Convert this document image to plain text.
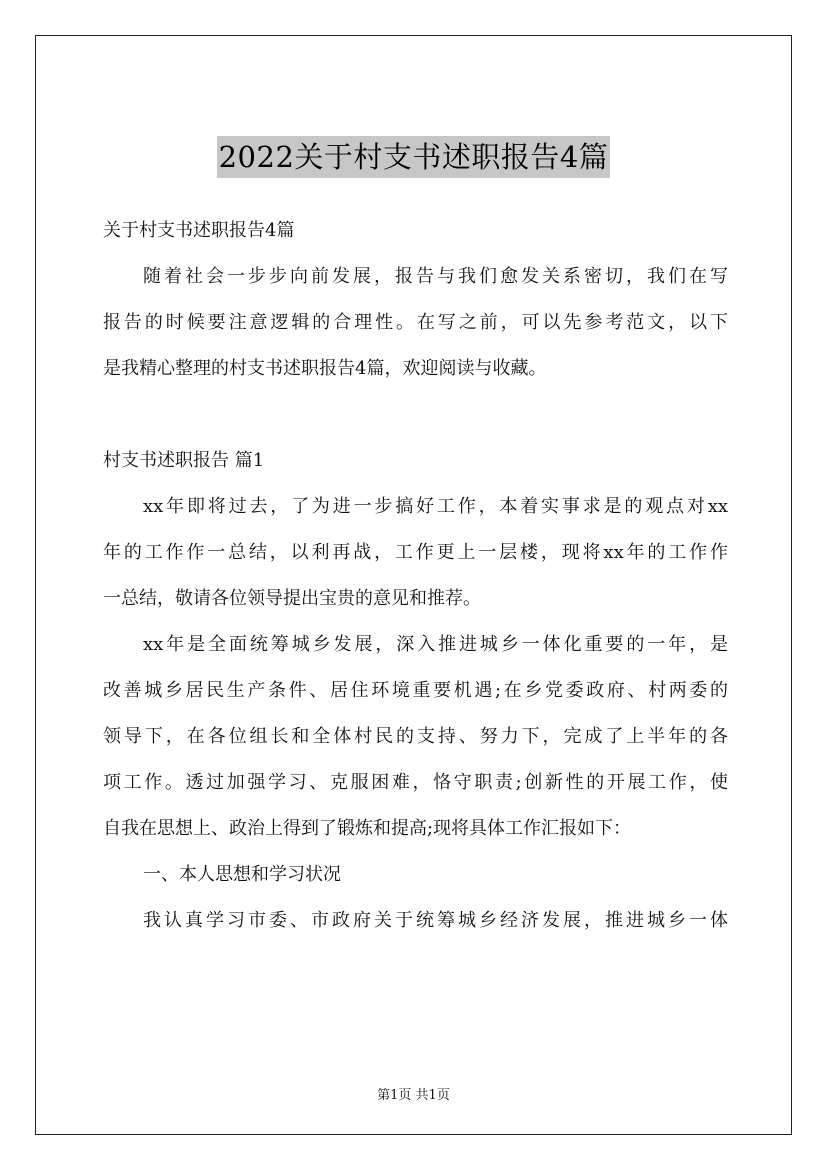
2022关于村支书述职报告4篇
关于村支书述职报告4篇
随着社会一步步向前发展，报告与我们愈发关系密切，我们在写
报告的时候要注意逻辑的合理性。在写之前，可以先参考范文，以下
是我精心整理的村支书述职报告4篇，欢迎阅读与收藏。
村支书述职报告 篇1
xx年即将过去，了为进一步搞好工作，本着实事求是的观点对xx
年的工作作一总结，以利再战，工作更上一层楼，现将xx年的工作作
一总结，敬请各位领导提出宝贵的意见和推荐。
xx年是全面统筹城乡发展，深入推进城乡一体化重要的一年，是
改善城乡居民生产条件、居住环境重要机遇;在乡党委政府、村两委的
领导下，在各位组长和全体村民的支持、努力下，完成了上半年的各
项工作。透过加强学习、克服困难，恪守职责;创新性的开展工作，使
自我在思想上、政治上得到了锻炼和提高;现将具体工作汇报如下：
一、本人思想和学习状况
我认真学习市委、市政府关于统筹城乡经济发展，推进城乡一体
第1页 共1页
